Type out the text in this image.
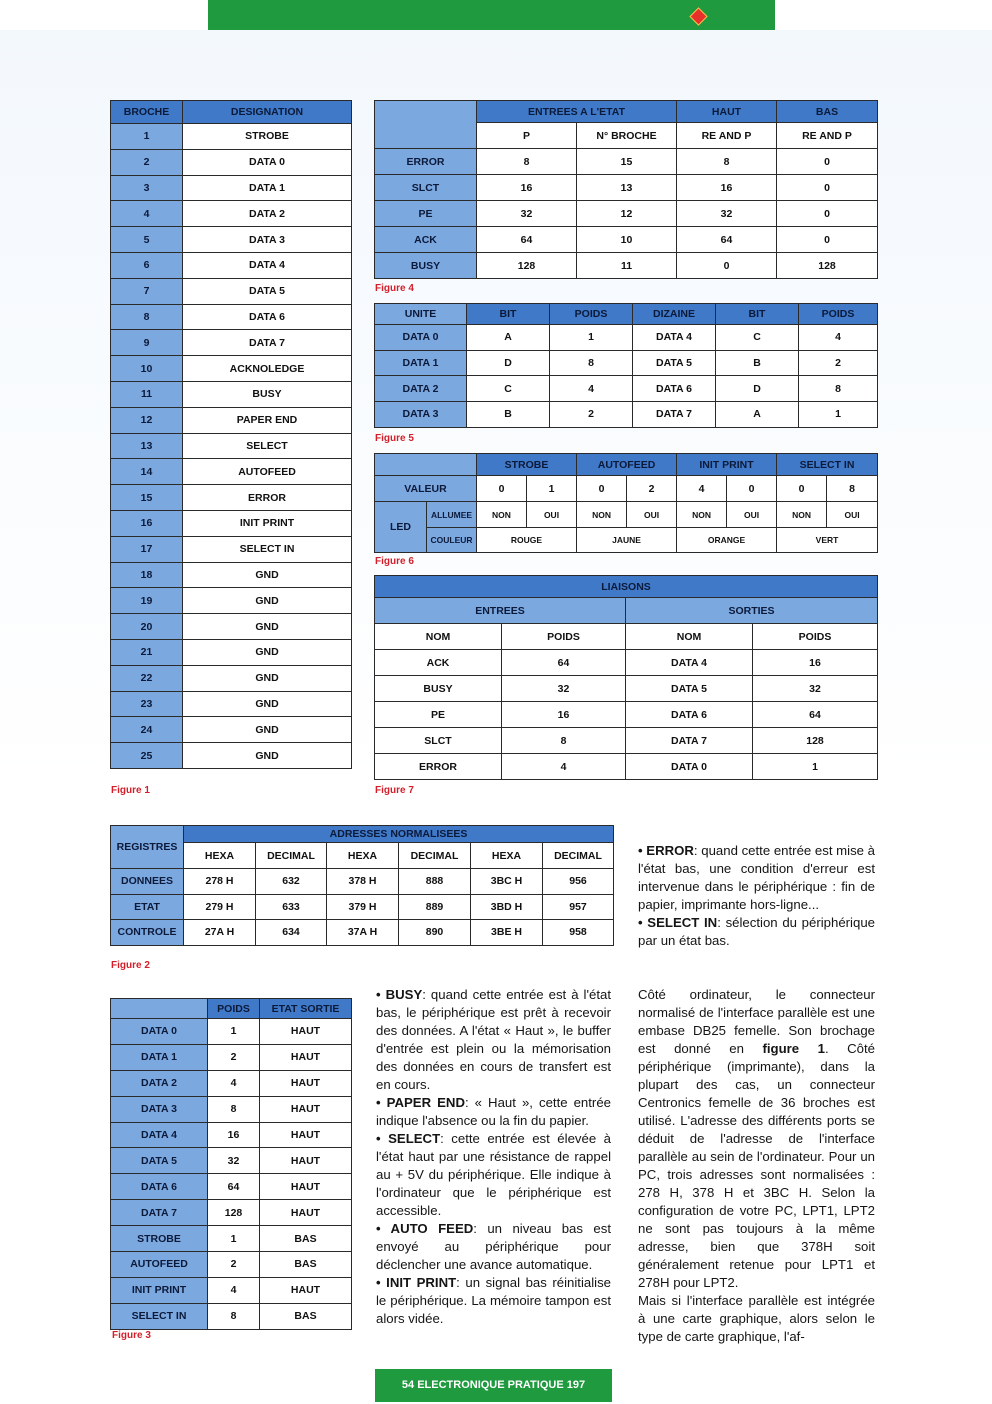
BROCHE	DESIGNATION
1	STROBE
2	DATA 0
3	DATA 1
4	DATA 2
5	DATA 3
6	DATA 4
7	DATA 5
8	DATA 6
9	DATA 7
10	ACKNOLEDGE
11	BUSY
12	PAPER END
13	SELECT
14	AUTOFEED
15	ERROR
16	INIT PRINT
17	SELECT IN
18	GND
19	GND
20	GND
21	GND
22	GND
23	GND
24	GND
25	GND
Figure 1
	ENTREES A L'ETAT		HAUT	BAS
	P	N° BROCHE	RE AND P	RE AND P
ERROR	8	15	8	0
SLCT	16	13	16	0
PE	32	12	32	0
ACK	64	10	64	0
BUSY	128	11	0	128
Figure 4
UNITE	BIT	POIDS	DIZAINE	BIT	POIDS
DATA 0	A	1	DATA 4	C	4
DATA 1	D	8	DATA 5	B	2
DATA 2	C	4	DATA 6	D	8
DATA 3	B	2	DATA 7	A	1
Figure 5
		STROBE		AUTOFEED		INIT PRINT		SELECT IN	
VALEUR		0	1	0	2	4	0	0	8
LED	ALLUMEE	NON	OUI	NON	OUI	NON	OUI	NON	OUI
	COULEUR	ROUGE		JAUNE		ORANGE		VERT	
Figure 6
LIAISONS			
ENTREES		SORTIES	
NOM	POIDS	NOM	POIDS
ACK	64	DATA 4	16
BUSY	32	DATA 5	32
PE	16	DATA 6	64
SLCT	8	DATA 7	128
ERROR	4	DATA 0	1
Figure 7
REGISTRES	ADRESSES NORMALISEES					
	HEXA	DECIMAL	HEXA	DECIMAL	HEXA	DECIMAL
DONNEES	278 H	632	378 H	888	3BC H	956
ETAT	279 H	633	379 H	889	3BD H	957
CONTROLE	27A H	634	37A H	890	3BE H	958
Figure 2
	POIDS	ETAT SORTIE
DATA 0	1	HAUT
DATA 1	2	HAUT
DATA 2	4	HAUT
DATA 3	8	HAUT
DATA 4	16	HAUT
DATA 5	32	HAUT
DATA 6	64	HAUT
DATA 7	128	HAUT
STROBE	1	BAS
AUTOFEED	2	BAS
INIT PRINT	4	HAUT
SELECT IN	8	BAS
Figure 3

• BUSY: quand cette entrée est à l'état bas, le périphérique est prêt à recevoir des données. A l'état « Haut », le buffer d'entrée est plein ou la mémorisation des données en cours de transfert est en cours.

• PAPER END: « Haut », cette entrée indique l'absence ou la fin du papier.

• SELECT: cette entrée est élevée à l'état haut par une résistance de rappel au + 5V du périphérique. Elle indique à l'ordinateur que le périphérique est accessible.

• AUTO FEED: un niveau bas est envoyé au périphérique pour déclencher une avance automatique.

• INIT PRINT: un signal bas réinitialise le périphérique. La mémoire tampon est alors vidée.

• ERROR: quand cette entrée est mise à l'état bas, une condition d'erreur est intervenue dans le périphérique : fin de papier, imprimante hors-ligne...

• SELECT IN: sélection du périphérique par un état bas.

Côté ordinateur, le connecteur normalisé de l'interface parallèle est une embase DB25 femelle. Son brochage est donné en figure 1. Côté périphérique (imprimante), dans la plupart des cas, un connecteur Centronics femelle de 36 broches est utilisé. L'adresse des différents ports se déduit de l'adresse de l'interface parallèle au sein de l'ordinateur. Pour un PC, trois adresses sont normalisées : 278 H, 378 H et 3BC H. Selon la configuration de votre PC, LPT1, LPT2 ne sont pas toujours à la même adresse, bien que 378H soit généralement retenue pour LPT1 et 278H pour LPT2.

Mais si l'interface parallèle est intégrée à une carte graphique, alors selon le type de carte graphique, l'af-

54 ELECTRONIQUE PRATIQUE 197
